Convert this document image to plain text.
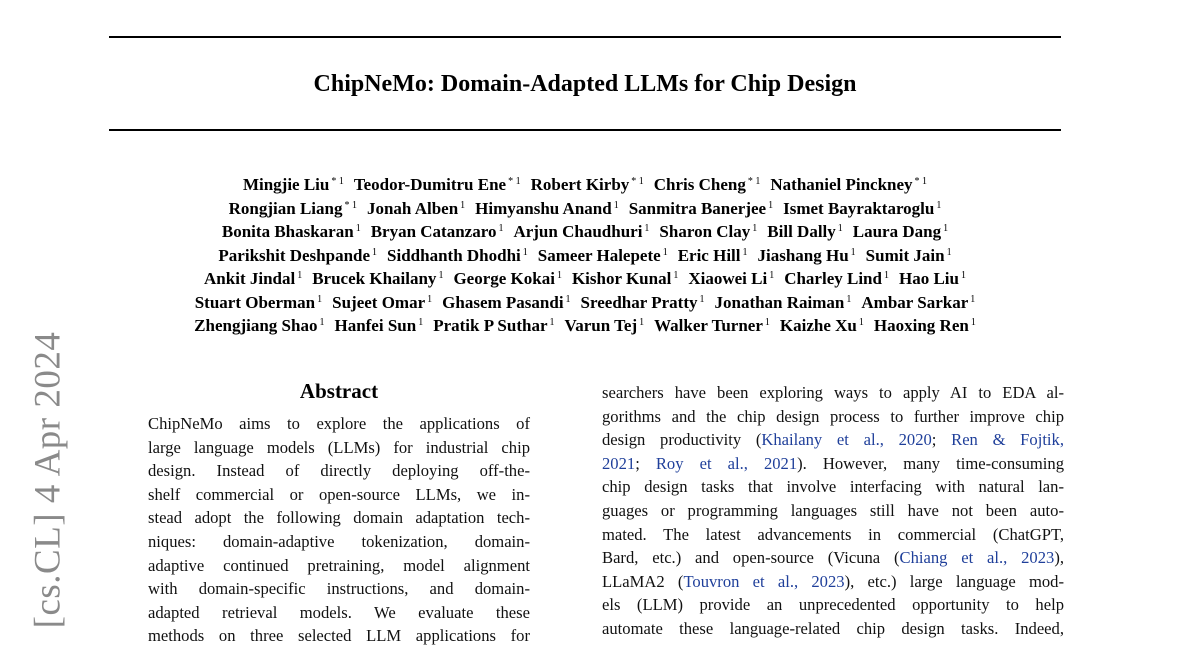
ChipNeMo: Domain-Adapted LLMs for Chip Design
Mingjie Liu $^{* 1}$ Teodor-Dumitru Ene $^{* 1}$ Robert Kirby $^{* 1}$ Chris Cheng $^{* 1}$ Nathaniel Pinckney $^{* 1}$
Rongjian Liang $^{* 1}$ Jonah Alben $^1$ Himyanshu Anand $^1$ Sanmitra Banerjee $^1$ Ismet Bayraktaroglu $^1$
Bonita Bhaskaran $^1$ Bryan Catanzaro $^1$ Arjun Chaudhuri $^1$ Sharon Clay $^1$ Bill Dally $^1$ Laura Dang $^1$
Parikshit Deshpande $^1$ Siddhanth Dhodhi $^1$ Sameer Halepete $^1$ Eric Hill $^1$ Jiashang Hu $^1$ Sumit Jain $^1$
Ankit Jindal $^1$ Brucek Khailany $^1$ George Kokai $^1$ Kishor Kunal $^1$ Xiaowei Li $^1$ Charley Lind $^1$ Hao Liu $^1$
Stuart Oberman $^1$ Sujeet Omar $^1$ Ghasem Pasandi $^1$ Sreedhar Pratty $^1$ Jonathan Raiman $^1$ Ambar Sarkar $^1$
Zhengjiang Shao $^1$ Hanfei Sun $^1$ Pratik P Suthar $^1$ Varun Tej $^1$ Walker Turner $^1$ Kaizhe Xu $^1$ Haoxing Ren $^1$
[cs.CL] 4 Apr 2024	Abstract
ChipNeMo aims to explore the applications of
large language models (LLMs) for industrial chip
design. Instead of directly deploying off-the-
shelf commercial or open-source LLMs, we in-
stead adopt the following domain adaptation tech-
niques: domain-adaptive tokenization, domain-
adaptive continued pretraining, model alignment
with domain-specific instructions, and domain-
adapted retrieval models. We evaluate these
methods on three selected LLM applications for
searchers have been exploring ways to apply AI to EDA al-
gorithms and the chip design process to further improve chip
design productivity (Khailany et al., 2020; Ren & Fojtik,
2021; Roy et al., 2021). However, many time-consuming
chip design tasks that involve interfacing with natural lan-
guages or programming languages still have not been auto-
mated. The latest advancements in commercial (ChatGPT,
Bard, etc.) and open-source (Vicuna (Chiang et al., 2023),
LLaMA2 (Touvron et al., 2023), etc.) large language mod-
els (LLM) provide an unprecedented opportunity to help
automate these language-related chip design tasks. Indeed,
